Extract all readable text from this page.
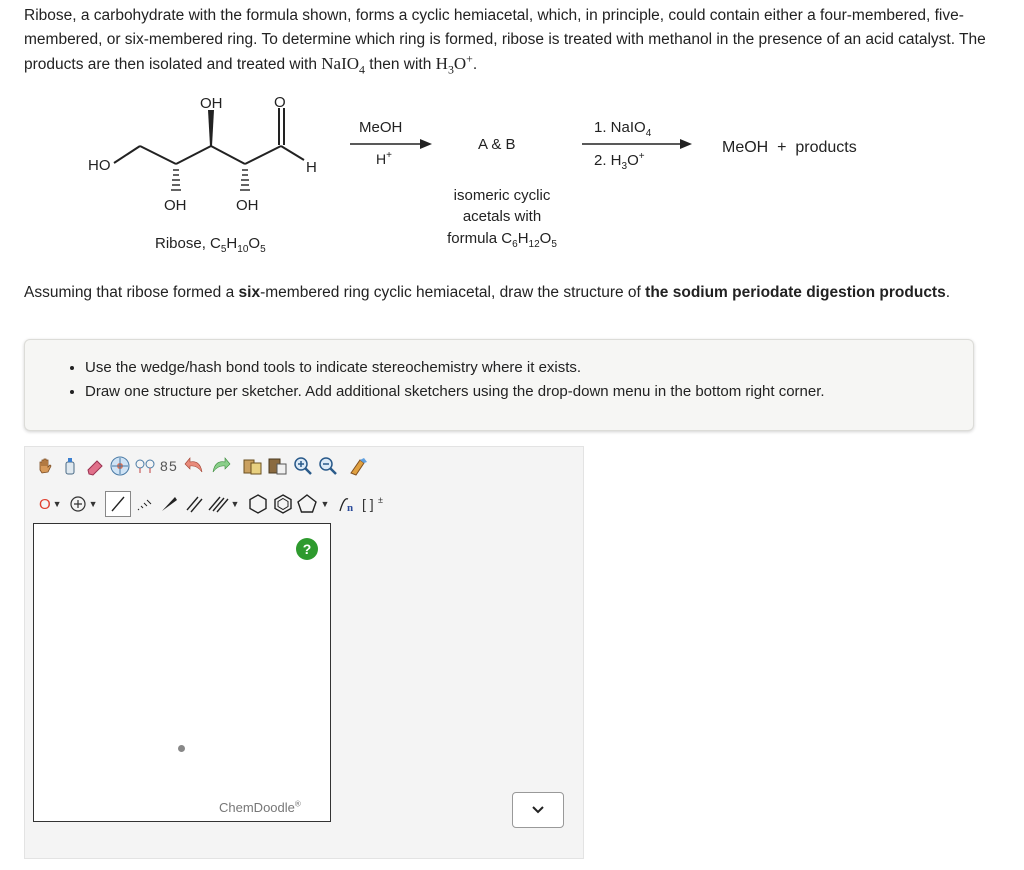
Ribose, a carbohydrate with the formula shown, forms a cyclic hemiacetal, which, in principle, could contain either a four-membered, five-membered, or six-membered ring. To determine which ring is formed, ribose is treated with methanol in the presence of an acid catalyst. The products are then isolated and treated with NaIO$_4$ then with $H_3O^+$.
OH	O
HO	H
OH	OH
Ribose, $C_5H_{10}O_5$
MeOH
H+
A & B
isomeric cyclic
acetals with
formula $C_6H_{12}O_5$
1. NaIO$_4$
2. $H_3O^+$
MeOH  +  products
Assuming that ribose formed a six-membered ring cyclic hemiacetal, draw the structure of the sodium periodate digestion products.
• Use the wedge/hash bond tools to indicate stereochemistry where it exists.
• Draw one structure per sketcher. Add additional sketchers using the drop-down menu in the bottom right corner.
8 5
O ▼	▼	▼	▼ n [ ] ±
?
ChemDoodle®
